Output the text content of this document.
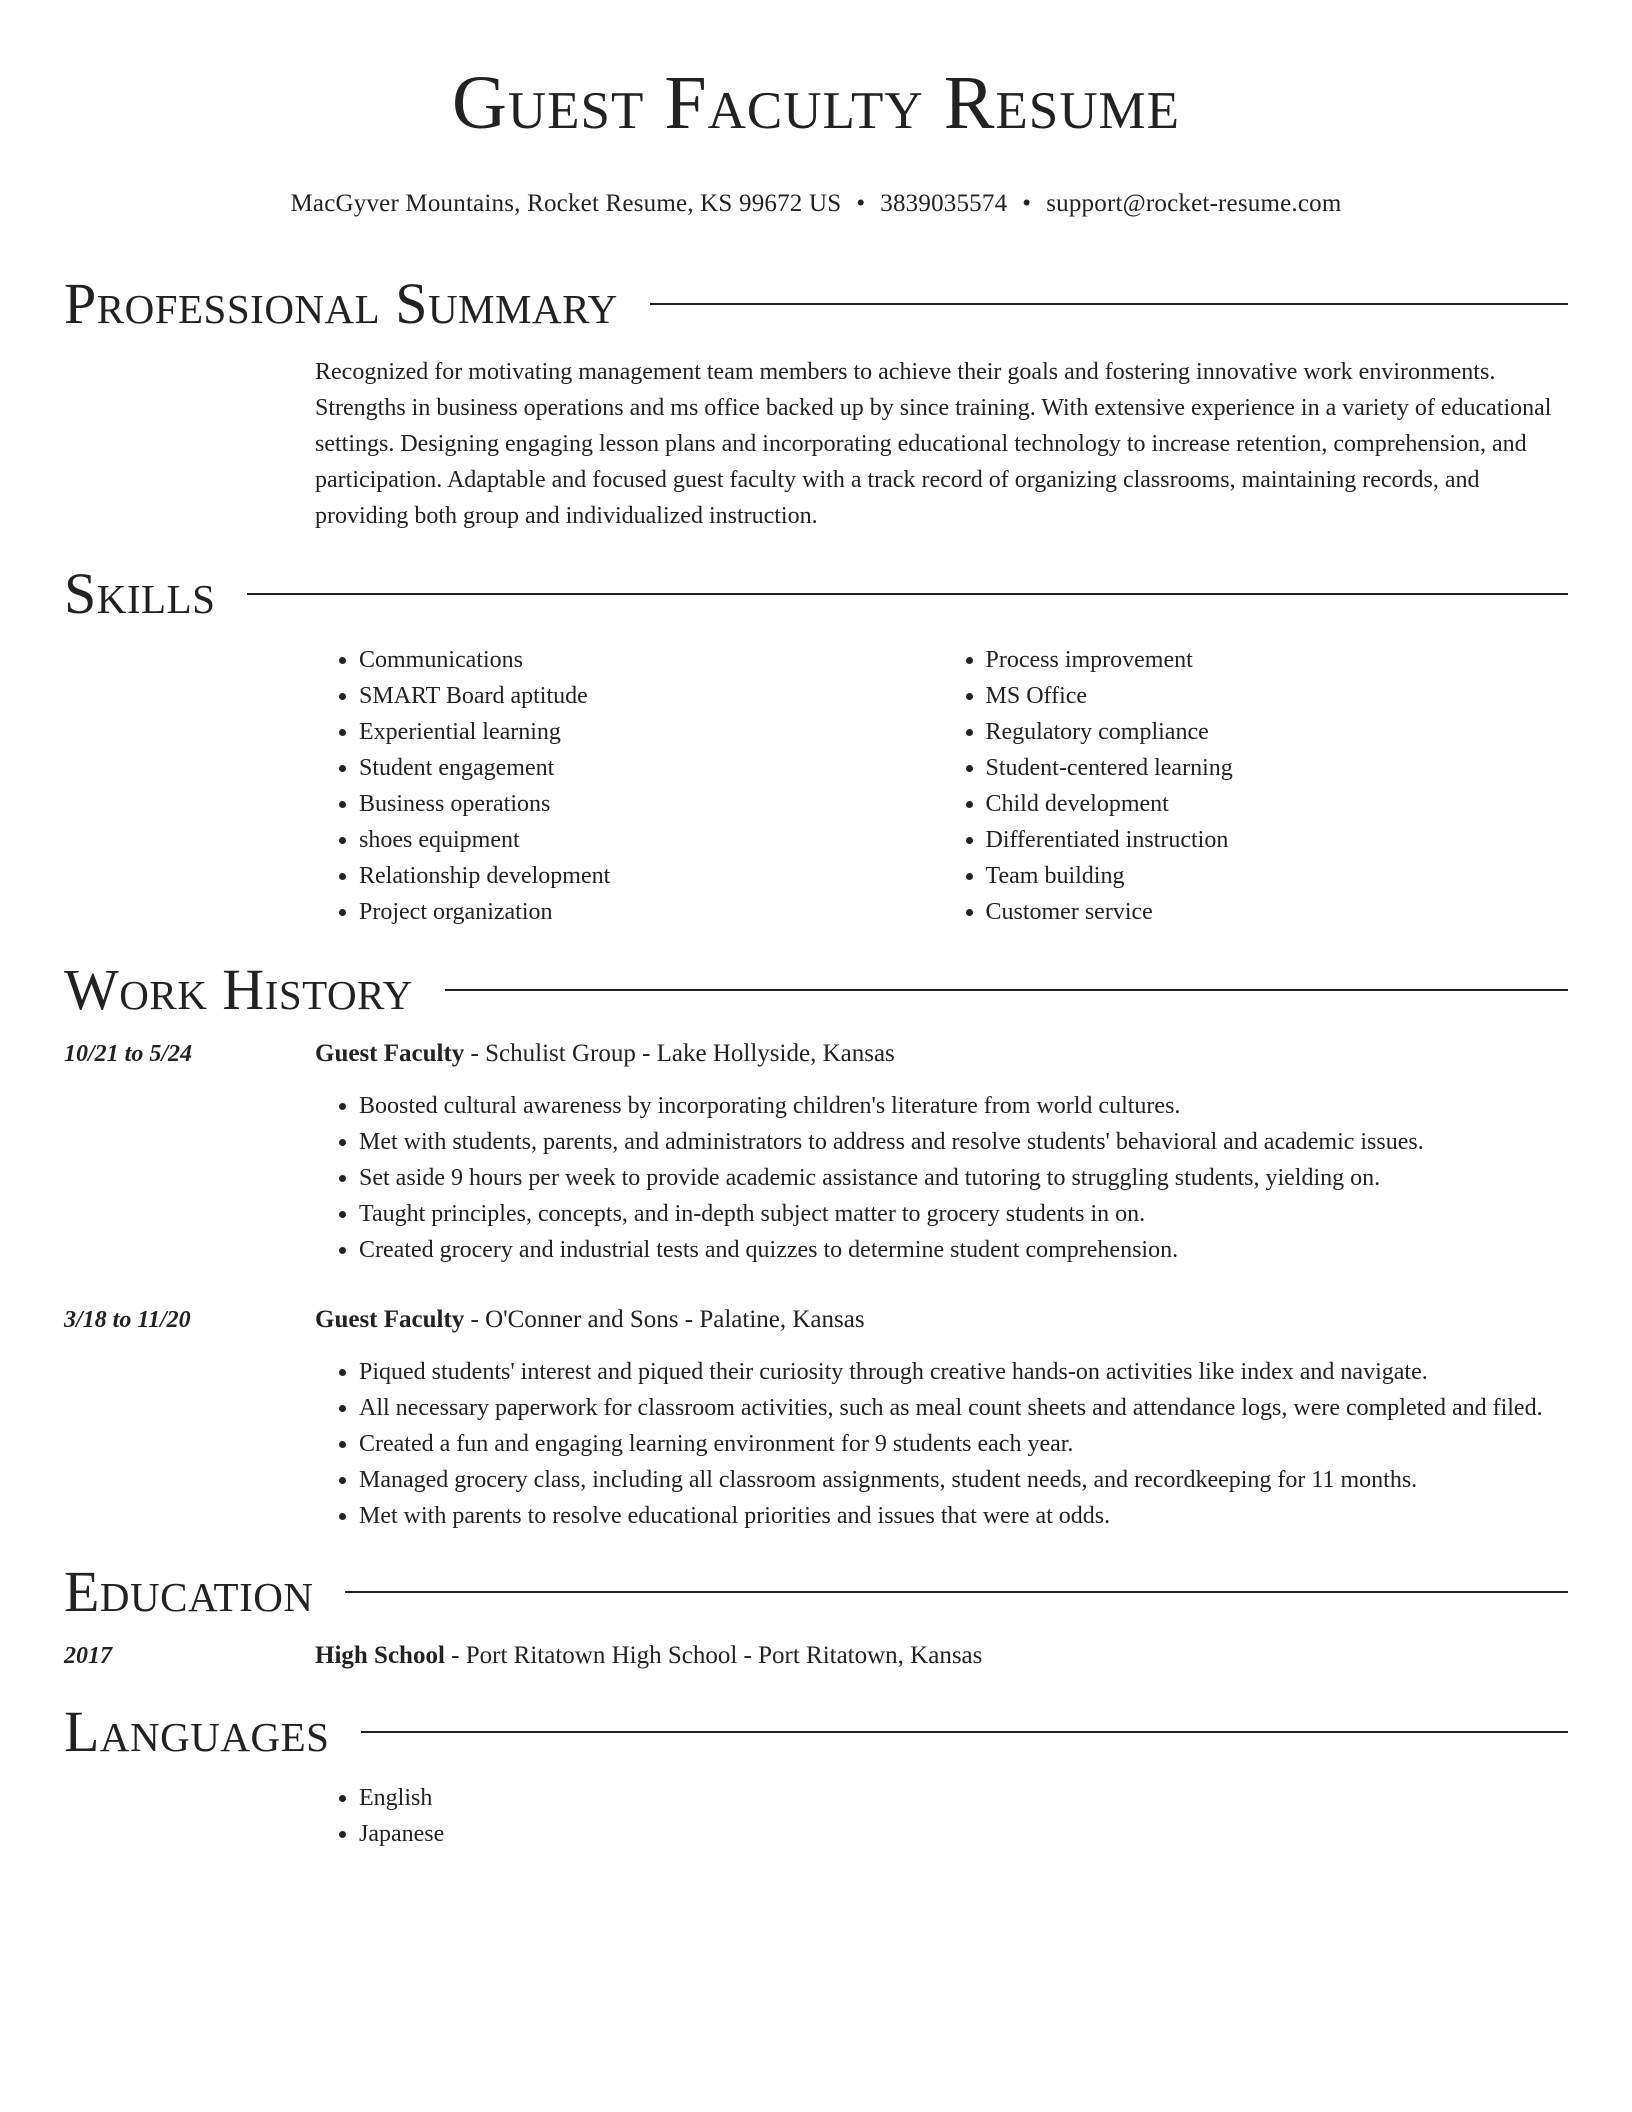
Guest Faculty Resume
MacGyver Mountains, Rocket Resume, KS 99672 US • 3839035574 • support@rocket-resume.com
Professional Summary

Recognized for motivating management team members to achieve their goals and fostering innovative work environments. Strengths in business operations and ms office backed up by since training. With extensive experience in a variety of educational settings. Designing engaging lesson plans and incorporating educational technology to increase retention, comprehension, and participation. Adaptable and focused guest faculty with a track record of organizing classrooms, maintaining records, and providing both group and individualized instruction.

Skills
• Communications
• SMART Board aptitude
• Experiential learning
• Student engagement
• Business operations
• shoes equipment
• Relationship development
• Project organization
• Process improvement
• MS Office
• Regulatory compliance
• Student-centered learning
• Child development
• Differentiated instruction
• Team building
• Customer service
Work History
10/21 to 5/24	Guest Faculty - Schulist Group - Lake Hollyside, Kansas
• Boosted cultural awareness by incorporating children's literature from world cultures.
• Met with students, parents, and administrators to address and resolve students' behavioral and academic issues.
• Set aside 9 hours per week to provide academic assistance and tutoring to struggling students, yielding on.
• Taught principles, concepts, and in-depth subject matter to grocery students in on.
• Created grocery and industrial tests and quizzes to determine student comprehension.
3/18 to 11/20	Guest Faculty - O'Conner and Sons - Palatine, Kansas
• Piqued students' interest and piqued their curiosity through creative hands-on activities like index and navigate.
• All necessary paperwork for classroom activities, such as meal count sheets and attendance logs, were completed and filed.
• Created a fun and engaging learning environment for 9 students each year.
• Managed grocery class, including all classroom assignments, student needs, and recordkeeping for 11 months.
• Met with parents to resolve educational priorities and issues that were at odds.
Education
2017	High School - Port Ritatown High School - Port Ritatown, Kansas
Languages
• English
• Japanese
